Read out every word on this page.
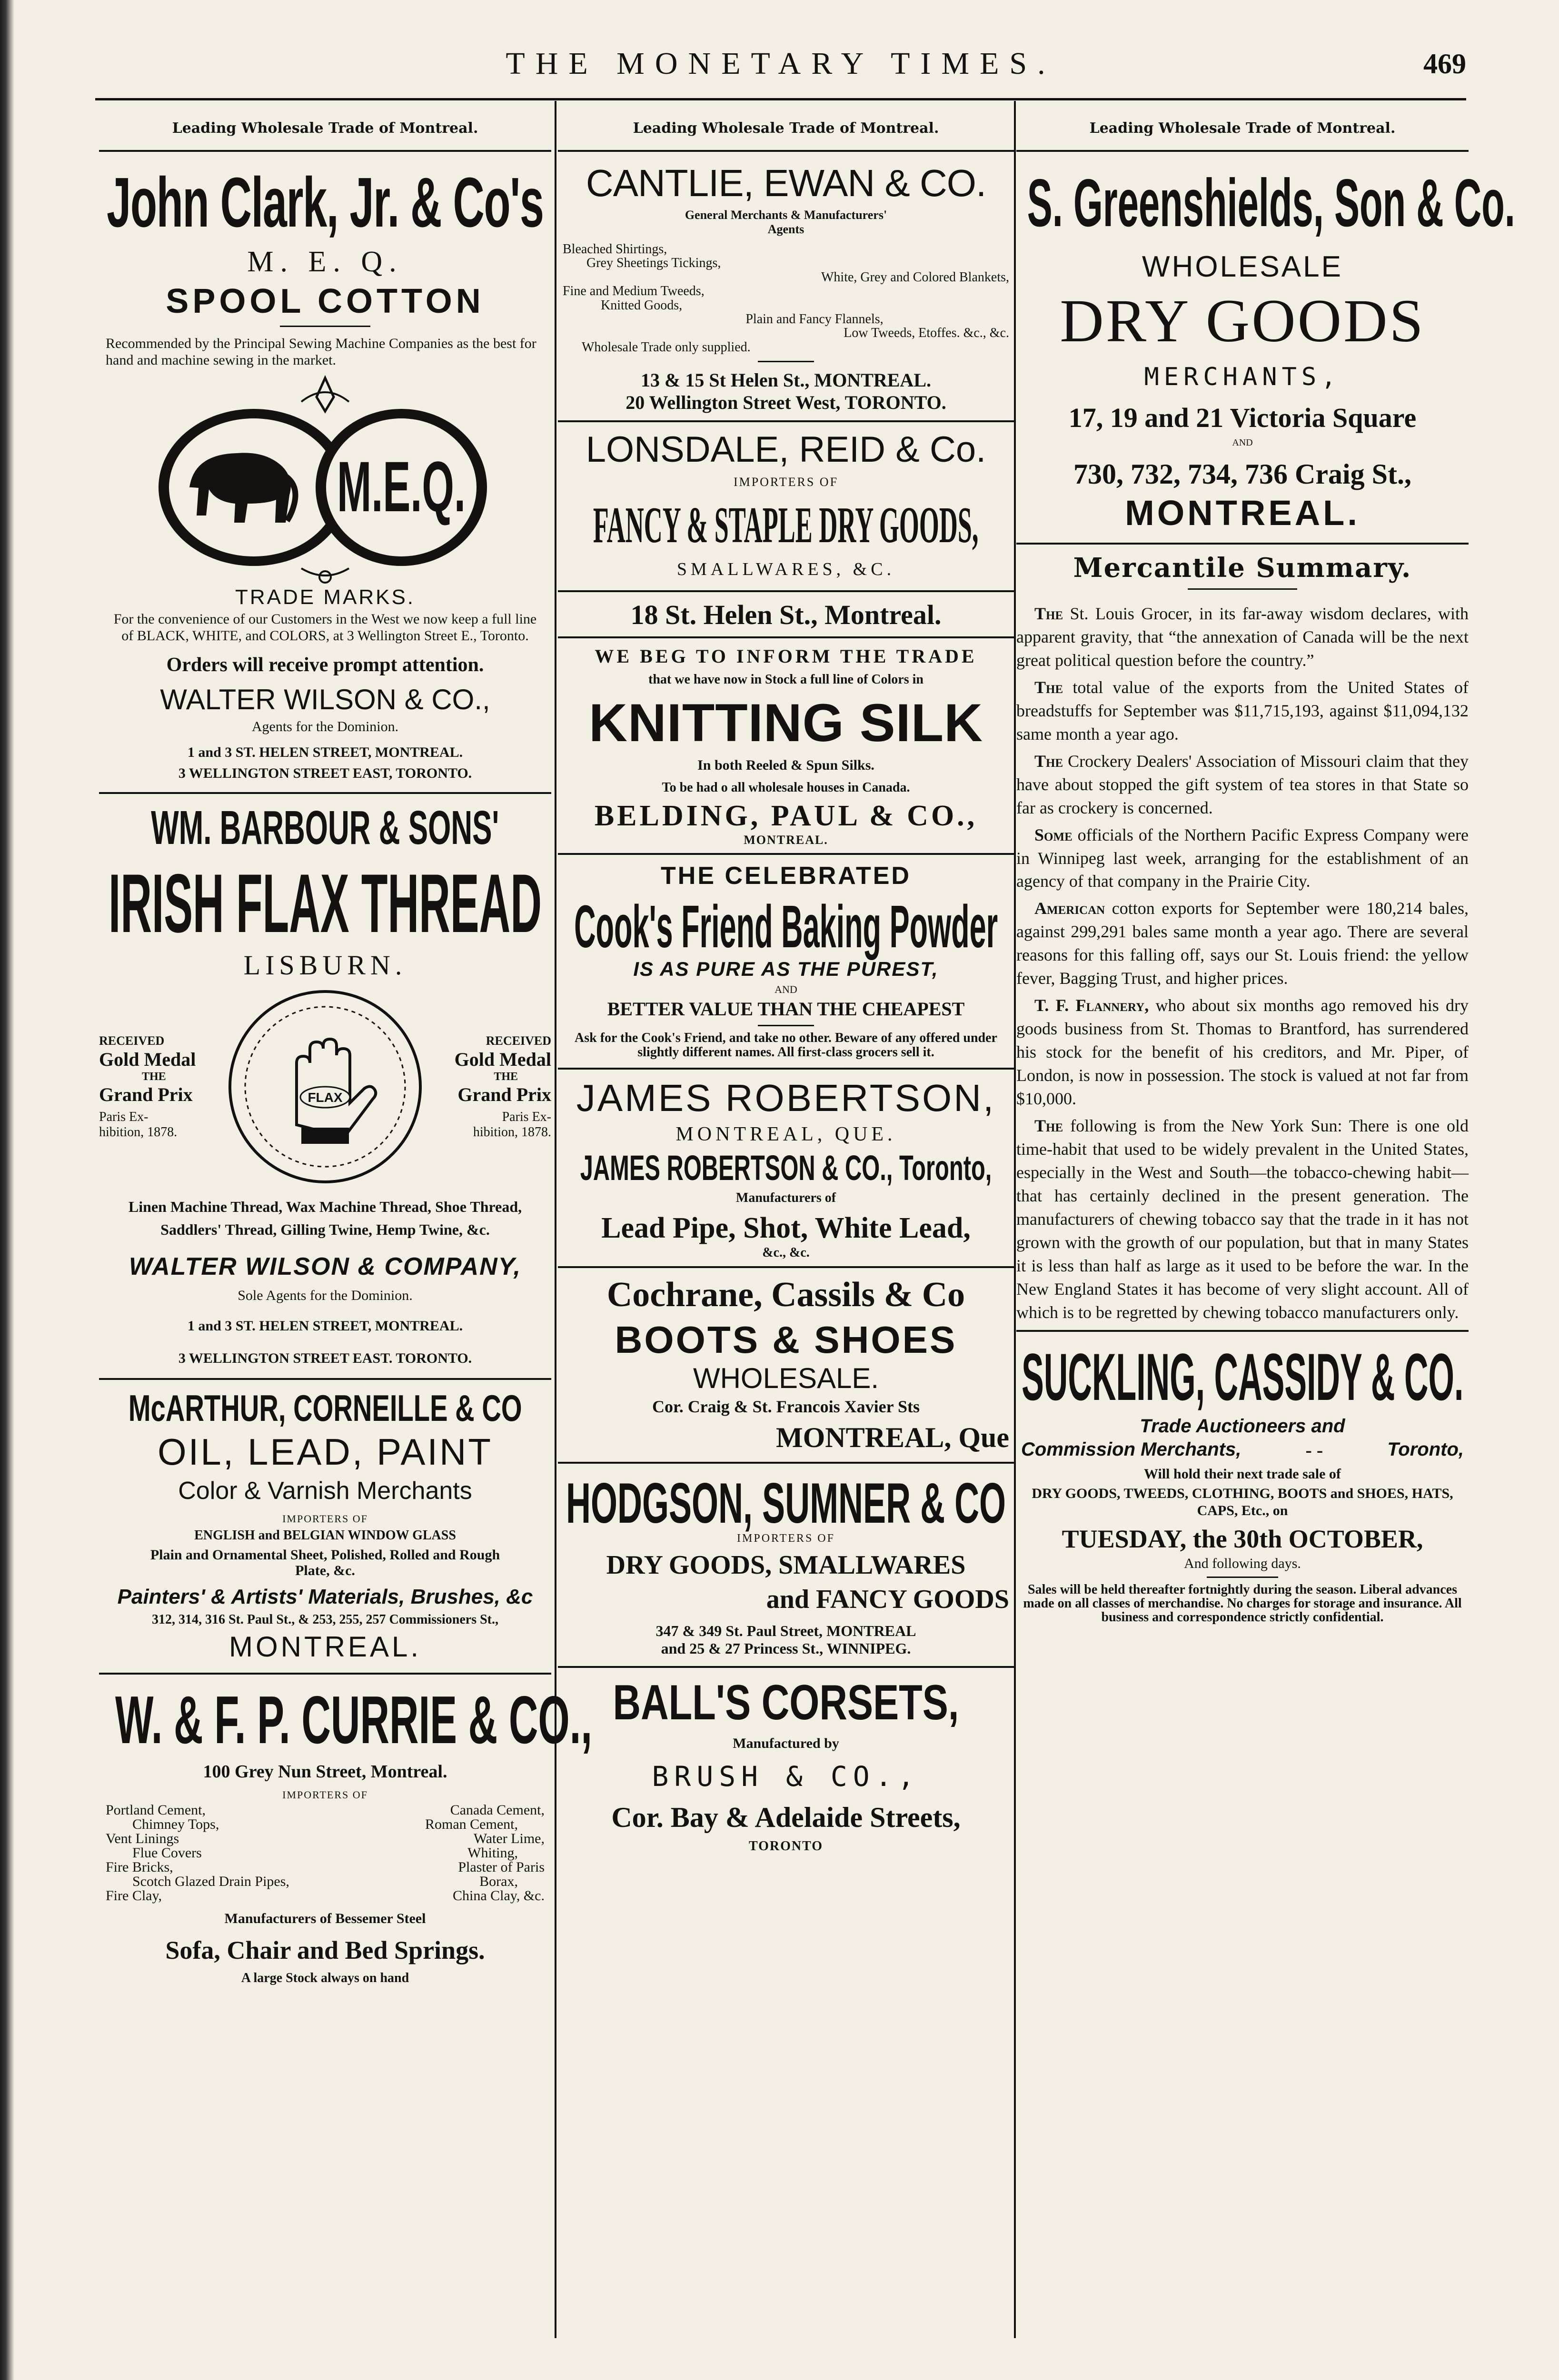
THE MONETARY TIMES.	469
Leading Wholesale Trade of Montreal.
John Clark, Jr. & Co's
M. E. Q.
SPOOL COTTON
Recommended by the Principal Sewing Machine Companies as the best for hand and machine sewing in the market.
M.E.Q.
TRADE MARKS.
For the convenience of our Customers in the West we now keep a full line of BLACK, WHITE, and COLORS, at 3 Wellington Street E., Toronto.
Orders will receive prompt attention.
WALTER WILSON & CO.,
Agents for the Dominion.
1 and 3 ST. HELEN STREET, MONTREAL.
3 WELLINGTON STREET EAST, TORONTO.
WM. BARBOUR & SONS'
IRISH FLAX THREAD
LISBURN.
RECEIVED
Gold Medal
THE
Grand Prix
Paris Ex-
hibition, 1878.
FLAX
RECEIVED
Gold Medal
THE
Grand Prix
Paris Ex-
hibition, 1878.
Linen Machine Thread, Wax Machine Thread, Shoe Thread, Saddlers' Thread, Gilling Twine, Hemp Twine, &c.
WALTER WILSON & COMPANY,
Sole Agents for the Dominion.
1 and 3 ST. HELEN STREET, MONTREAL.
3 WELLINGTON STREET EAST. TORONTO.
McARTHUR, CORNEILLE & CO
OIL, LEAD, PAINT
Color & Varnish Merchants
IMPORTERS OF
ENGLISH and BELGIAN WINDOW GLASS
Plain and Ornamental Sheet, Polished, Rolled and Rough Plate, &c.
Painters' & Artists' Materials, Brushes, &c
312, 314, 316 St. Paul St., & 253, 255, 257 Commissioners St.,
MONTREAL.
W. & F. P. CURRIE & CO.,
100 Grey Nun Street, Montreal.
IMPORTERS OF
Portland Cement,	Canada Cement,
Chimney Tops,	Roman Cement,
Vent Linings	Water Lime,
Flue Covers	Whiting,
Fire Bricks,	Plaster of Paris
Scotch Glazed Drain Pipes,	Borax,
Fire Clay,	China Clay, &c.
Manufacturers of Bessemer Steel
Sofa, Chair and Bed Springs.
A large Stock always on hand
Leading Wholesale Trade of Montreal.
CANTLIE, EWAN & CO.
General Merchants & Manufacturers'
Agents
Bleached Shirtings,
Grey Sheetings Tickings,
White, Grey and Colored Blankets,
Fine and Medium Tweeds,
Knitted Goods,
Plain and Fancy Flannels,
Low Tweeds, Etoffes. &c., &c.
Wholesale Trade only supplied.
13 & 15 St Helen St., MONTREAL.
20 Wellington Street West, TORONTO.
LONSDALE, REID & Co.
IMPORTERS OF
FANCY & STAPLE DRY GOODS,
SMALLWARES, &C.
18 St. Helen St., Montreal.
WE BEG TO INFORM THE TRADE
that we have now in Stock a full line of Colors in
KNITTING SILK
In both Reeled & Spun Silks.
To be had o all wholesale houses in Canada.
BELDING, PAUL & CO.,
MONTREAL.
THE CELEBRATED
Cook's Friend Baking Powder
IS AS PURE AS THE PUREST,
AND
BETTER VALUE THAN THE CHEAPEST
Ask for the Cook's Friend, and take no other. Beware of any offered under slightly different names. All first-class grocers sell it.
JAMES ROBERTSON,
MONTREAL, QUE.
JAMES ROBERTSON & CO., Toronto,
Manufacturers of
Lead Pipe, Shot, White Lead,
&c., &c.
Cochrane, Cassils & Co
BOOTS & SHOES
WHOLESALE.
Cor. Craig & St. Francois Xavier Sts
MONTREAL, Que
HODGSON, SUMNER & CO
IMPORTERS OF
DRY GOODS, SMALLWARES
and FANCY GOODS
347 & 349 St. Paul Street, MONTREAL
and 25 & 27 Princess St., WINNIPEG.
BALL'S CORSETS,
Manufactured by
BRUSH & CO.,
Cor. Bay & Adelaide Streets,
TORONTO
Leading Wholesale Trade of Montreal.
S. Greenshields, Son & Co.
WHOLESALE
DRY GOODS
MERCHANTS,
17, 19 and 21 Victoria Square
AND
730, 732, 734, 736 Craig St.,
MONTREAL.
Mercantile Summary.

The St. Louis Grocer, in its far-away wisdom declares, with apparent gravity, that “the annexation of Canada will be the next great political question before the country.”

The total value of the exports from the United States of breadstuffs for September was $11,715,193, against $11,094,132 same month a year ago.

The Crockery Dealers' Association of Missouri claim that they have about stopped the gift system of tea stores in that State so far as crockery is concerned.

Some officials of the Northern Pacific Express Company were in Winnipeg last week, arranging for the establishment of an agency of that company in the Prairie City.

American cotton exports for September were 180,214 bales, against 299,291 bales same month a year ago. There are several reasons for this falling off, says our St. Louis friend: the yellow fever, Bagging Trust, and higher prices.

T. F. Flannery, who about six months ago removed his dry goods business from St. Thomas to Brantford, has surrendered his stock for the benefit of his creditors, and Mr. Piper, of London, is now in possession. The stock is valued at not far from $10,000.

The following is from the New York Sun: There is one old time-habit that used to be widely prevalent in the United States, especially in the West and South—the tobacco-chewing habit—that has certainly declined in the present generation. The manufacturers of chewing tobacco say that the trade in it has not grown with the growth of our population, but that in many States it is less than half as large as it used to be before the war. In the New England States it has become of very slight account. All of which is to be regretted by chewing tobacco manufacturers only.

SUCKLING, CASSIDY & CO.
Trade Auctioneers and
Commission Merchants,	- -	Toronto,
Will hold their next trade sale of
DRY GOODS, TWEEDS, CLOTHING, BOOTS and SHOES, HATS, CAPS, Etc., on
TUESDAY, the 30th OCTOBER,
And following days.
Sales will be held thereafter fortnightly during the season. Liberal advances made on all classes of merchandise. No charges for storage and insurance. All business and correspondence strictly confidential.
